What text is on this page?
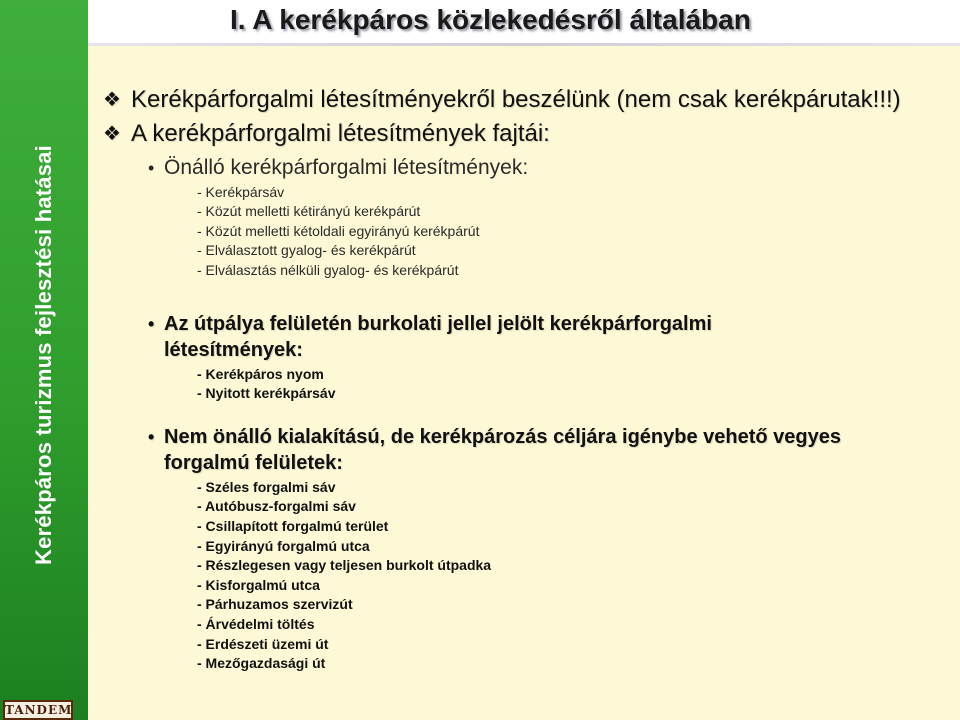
Kerékpáros turizmus fejlesztési hatásai
TANDEM
I. A kerékpáros közlekedésről általában
❖ Kerékpárforgalmi létesítményekről beszélünk (nem csak kerékpárutak!!!)
❖ A kerékpárforgalmi létesítmények fajtái:
• Önálló kerékpárforgalmi létesítmények:
- Kerékpársáv
- Közút melletti kétirányú kerékpárút
- Közút melletti kétoldali egyirányú kerékpárút
- Elválasztott gyalog- és kerékpárút
- Elválasztás nélküli gyalog- és kerékpárút
• Az útpálya felületén burkolati jellel jelölt kerékpárforgalmi létesítmények:
- Kerékpáros nyom
- Nyitott kerékpársáv
• Nem önálló kialakítású, de kerékpározás céljára igénybe vehető vegyes forgalmú felületek:
- Széles forgalmi sáv
- Autóbusz-forgalmi sáv
- Csillapított forgalmú terület
- Egyirányú forgalmú utca
- Részlegesen vagy teljesen burkolt útpadka
- Kisforgalmú utca
- Párhuzamos szervizút
- Árvédelmi töltés
- Erdészeti üzemi út
- Mezőgazdasági út
